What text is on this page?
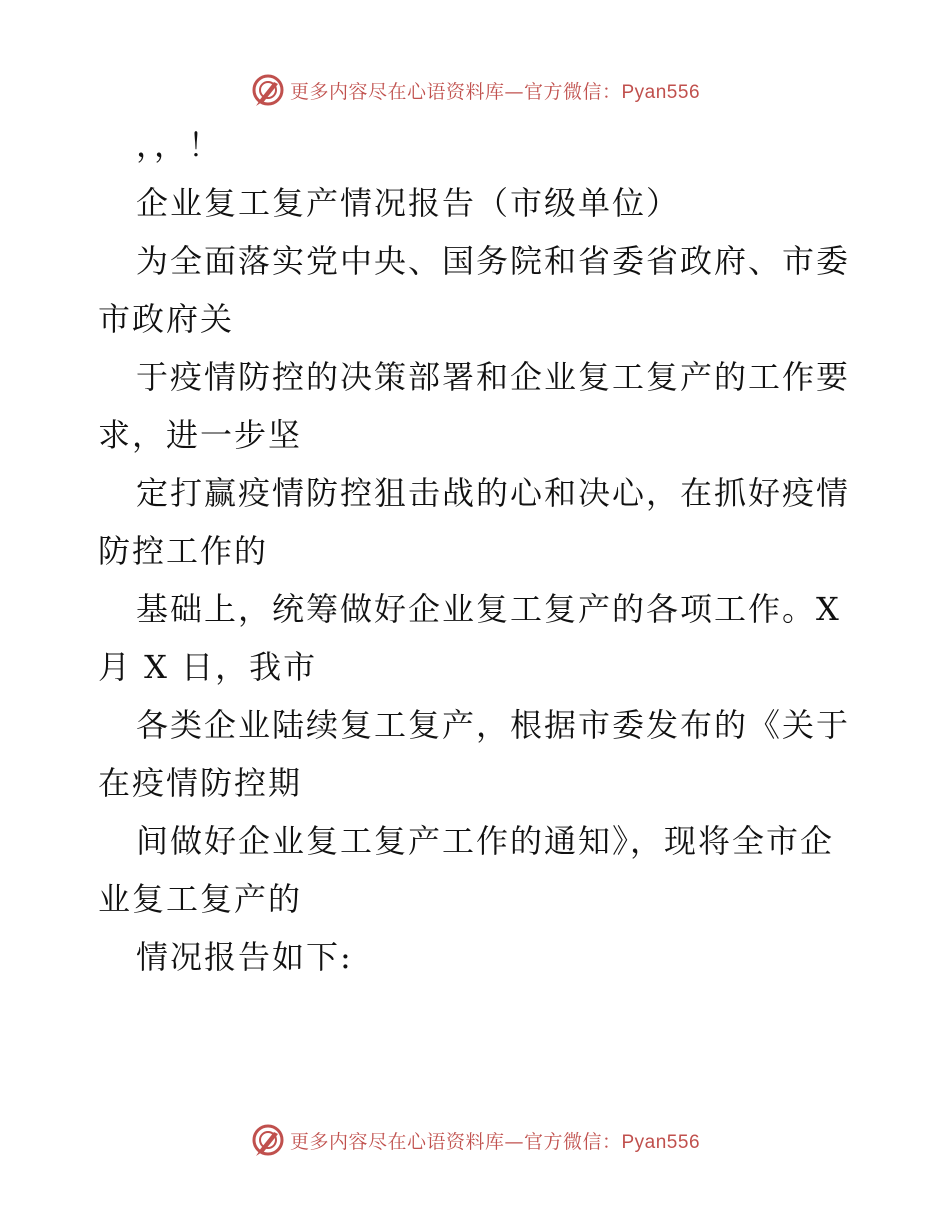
更多内容尽在心语资料库—官方微信：Pyan556
，，！
企业复工复产情况报告（市级单位）
为全面落实党中央、国务院和省委省政府、市委
市政府关
于疫情防控的决策部署和企业复工复产的工作要
求，进一步坚
定打赢疫情防控狙击战的心和决心，在抓好疫情
防控工作的
基础上，统筹做好企业复工复产的各项工作。X
月 X 日，我市
各类企业陆续复工复产，根据市委发布的《关于
在疫情防控期
间做好企业复工复产工作的通知》，现将全市企
业复工复产的
情况报告如下:
更多内容尽在心语资料库—官方微信：Pyan556
